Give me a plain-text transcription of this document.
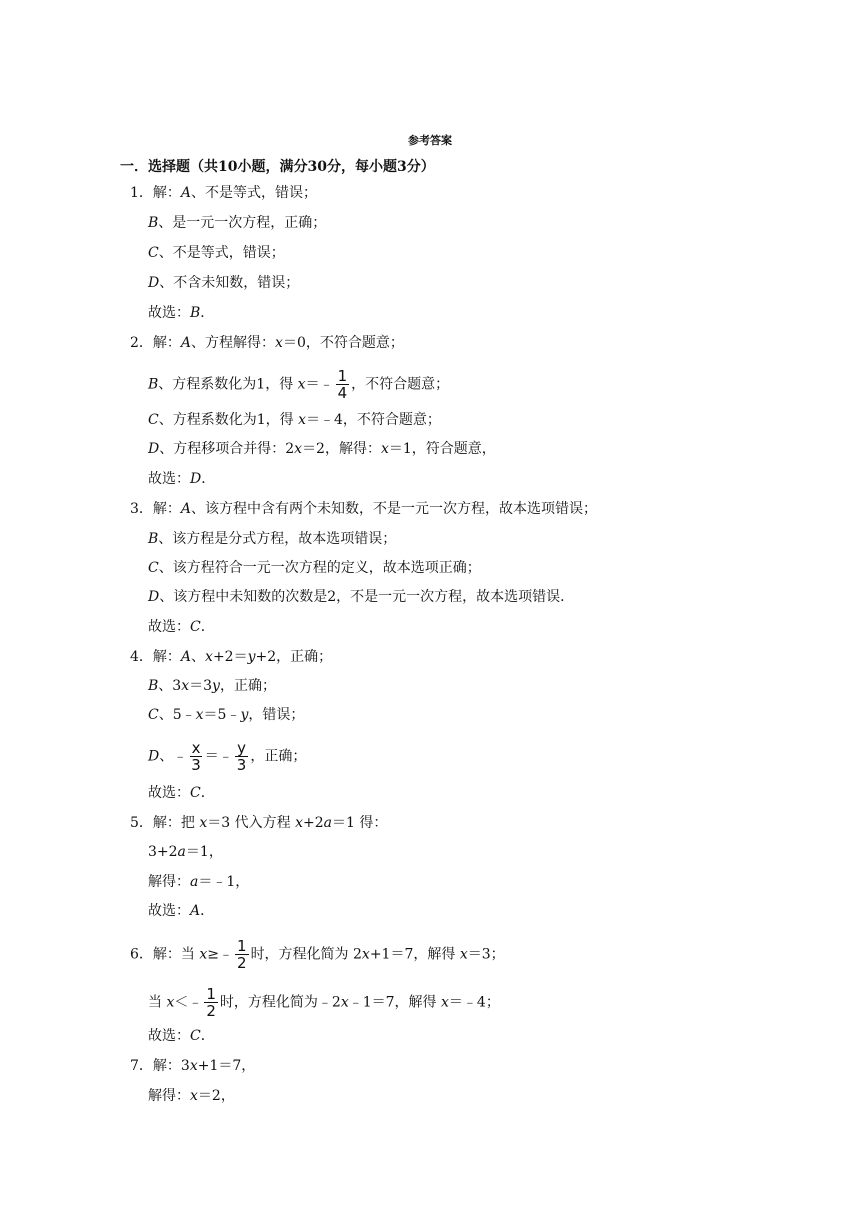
参考答案
一．选择题（共10小题，满分30分，每小题3分）
1．解：A、不是等式，错误；
B、是一元一次方程，正确；
C、不是等式，错误；
D、不含未知数，错误；
故选：B．
2．解：A、方程解得：x＝0，不符合题意；
B、方程系数化为1，得 x＝﹣ $\frac{1}{4}$ ，不符合题意；
C、方程系数化为1，得 x＝﹣4，不符合题意；
D、方程移项合并得：2x＝2，解得：x＝1，符合题意，
故选：D．
3．解：A、该方程中含有两个未知数，不是一元一次方程，故本选项错误；
B、该方程是分式方程，故本选项错误；
C、该方程符合一元一次方程的定义，故本选项正确；
D、该方程中未知数的次数是2，不是一元一次方程，故本选项错误．
故选：C．
4．解：A、x+2＝y+2，正确；
B、3x＝3y，正确；
C、5﹣x＝5﹣y，错误；
D、﹣ $\frac{x}{3}$ ＝﹣ $\frac{y}{3}$ ，正确；
故选：C．
5．解：把 x＝3 代入方程 x+2a＝1 得：
3+2a＝1，
解得：a＝﹣1，
故选：A．
6．解：当 x≥﹣ $\frac{1}{2}$ 时，方程化简为 2x+1＝7，解得 x＝3；
当 x＜﹣ $\frac{1}{2}$ 时，方程化简为﹣2x﹣1＝7，解得 x＝﹣4；
故选：C．
7．解：3x+1＝7，
解得：x＝2，
